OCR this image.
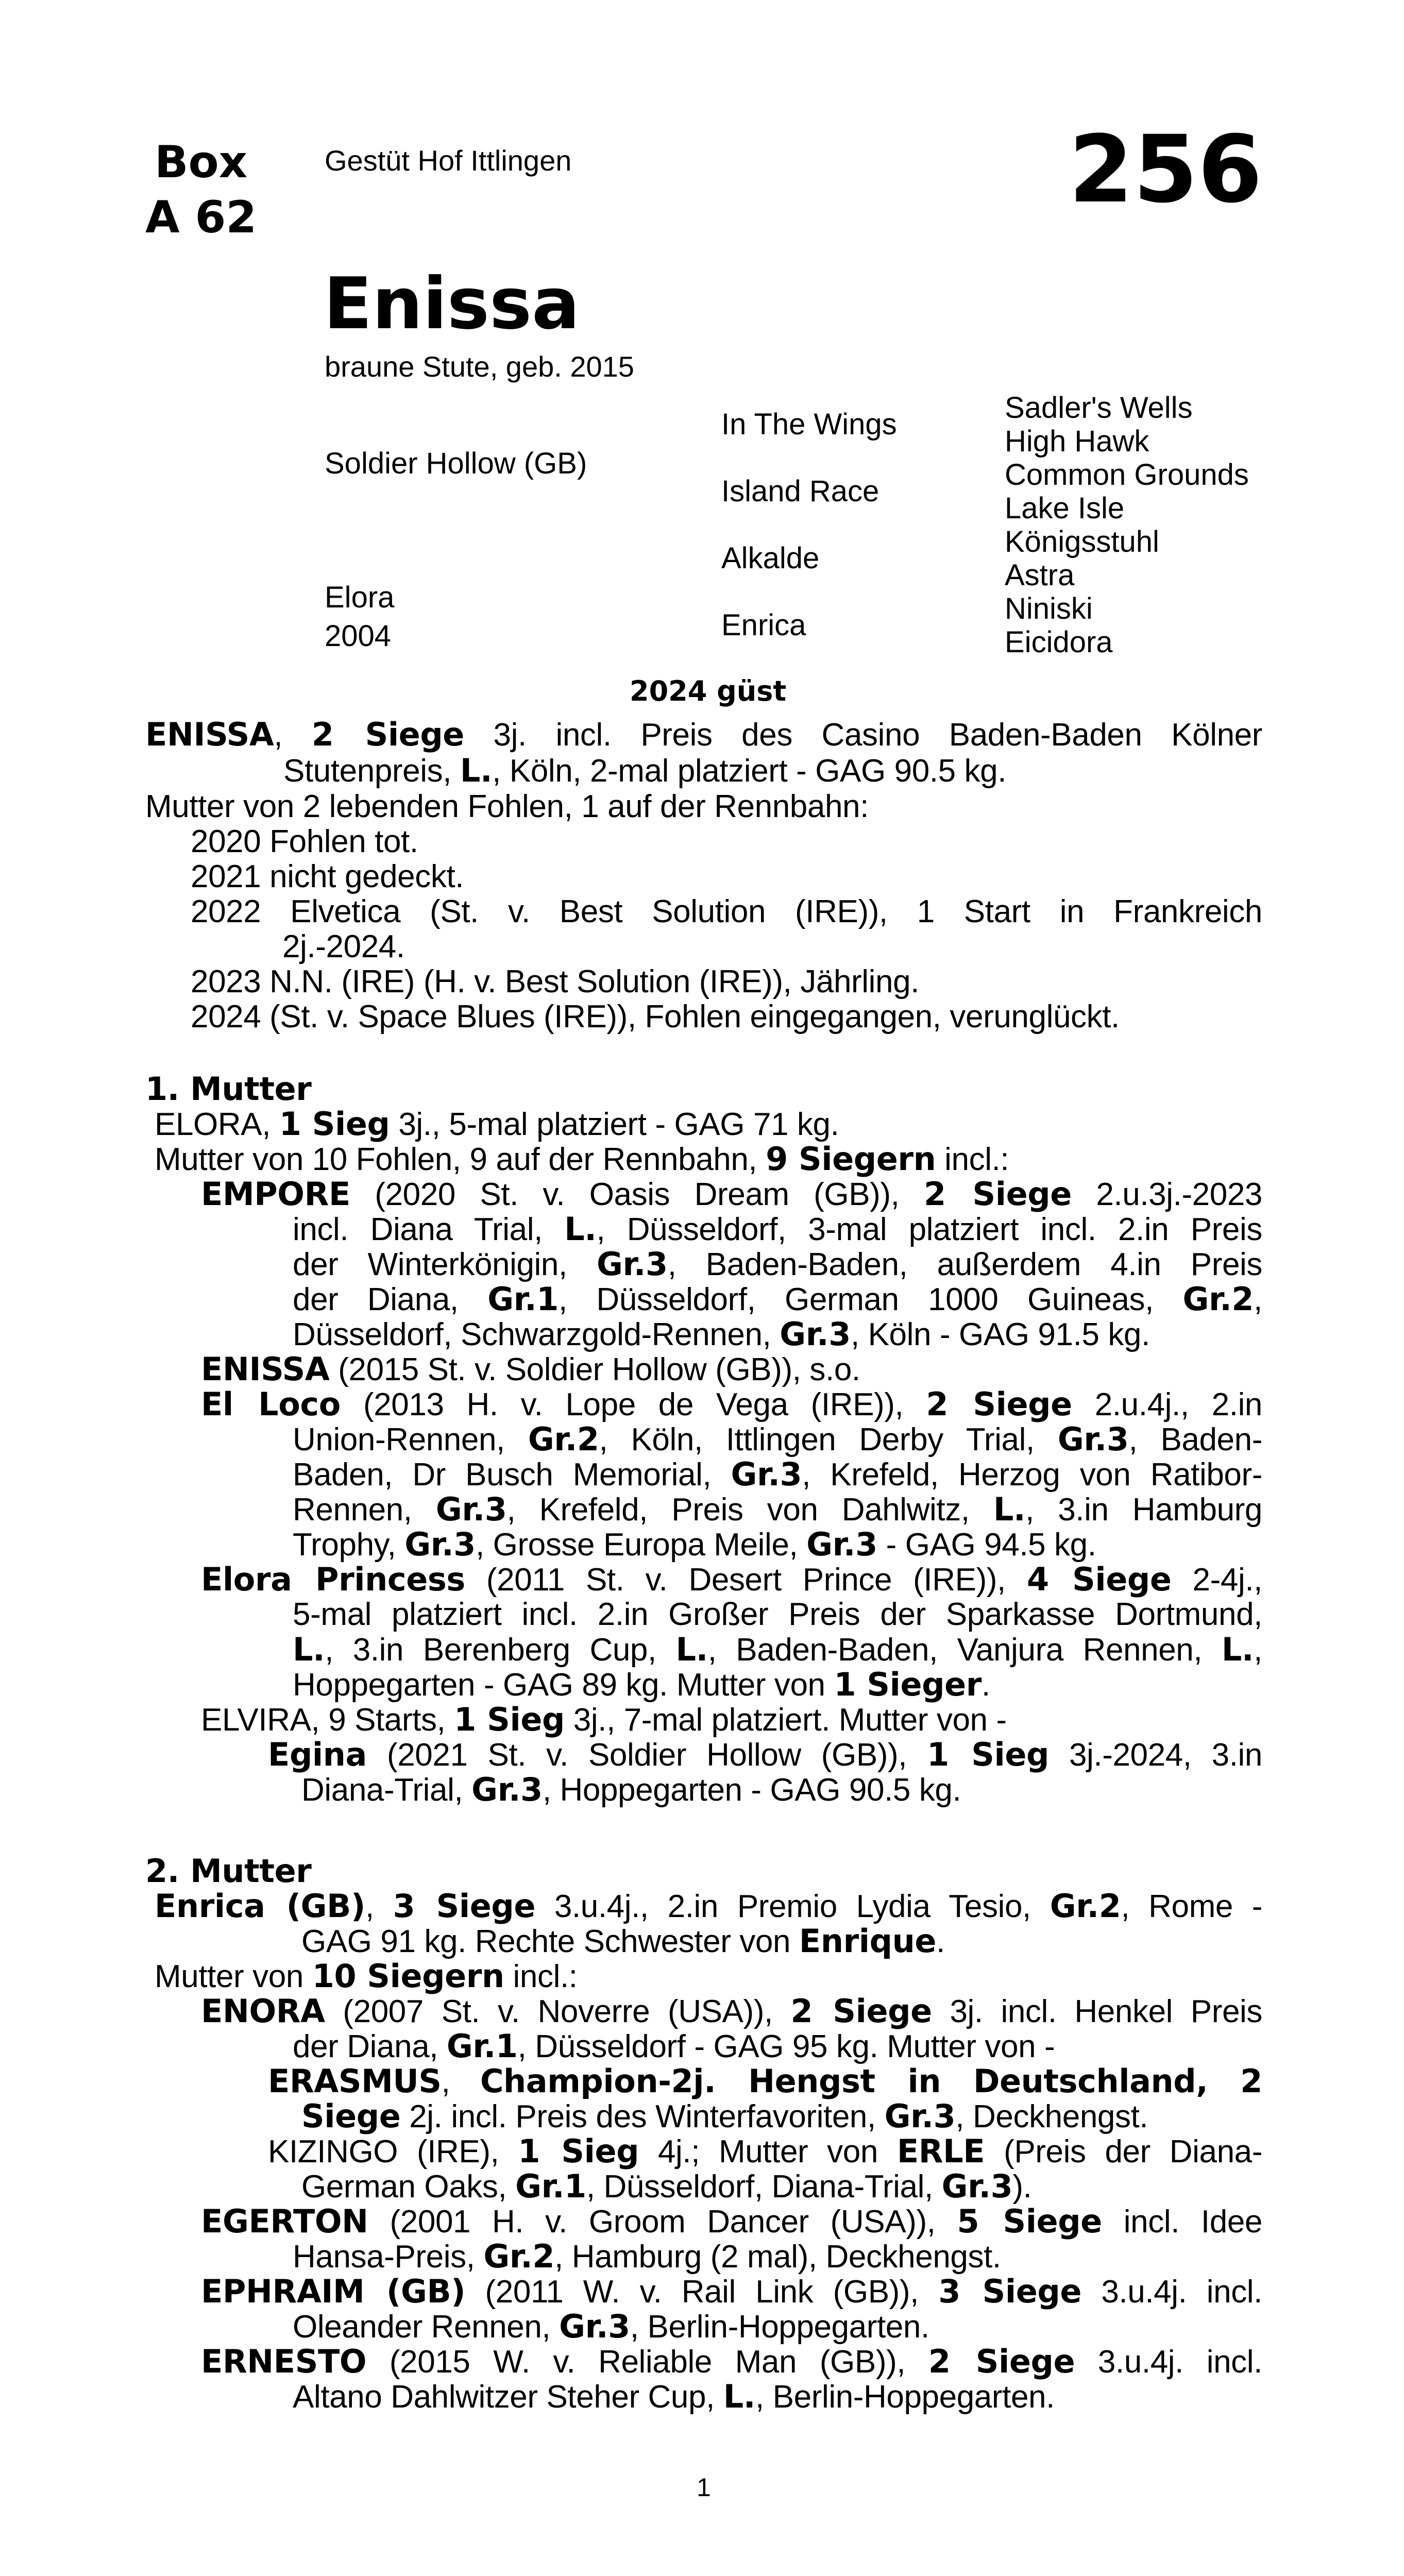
Box
A 62
Gestüt Hof Ittlingen	256
Enissa
braune Stute, geb. 2015
Soldier Hollow (GB)
Elora
2004
In The Wings
Island Race
Alkalde
Enrica
Sadler's Wells
High Hawk
Common Grounds
Lake Isle
Königsstuhl
Astra
Niniski
Eicidora
2024 güst
ENISSA, 2 Siege 3j. incl. Preis des Casino Baden-Baden Kölner
Stutenpreis, L., Köln, 2-mal platziert - GAG 90.5 kg.
Mutter von 2 lebenden Fohlen, 1 auf der Rennbahn:
2020 Fohlen tot.
2021 nicht gedeckt.
2022 Elvetica (St. v. Best Solution (IRE)), 1 Start in Frankreich
2j.-2024.
2023 N.N. (IRE) (H. v. Best Solution (IRE)), Jährling.
2024 (St. v. Space Blues (IRE)), Fohlen eingegangen, verunglückt.
1. Mutter
ELORA, 1 Sieg 3j., 5-mal platziert - GAG 71 kg.
Mutter von 10 Fohlen, 9 auf der Rennbahn, 9 Siegern incl.:
EMPORE (2020 St. v. Oasis Dream (GB)), 2 Siege 2.u.3j.-2023
incl. Diana Trial, L., Düsseldorf, 3-mal platziert incl. 2.in Preis
der Winterkönigin, Gr.3, Baden-Baden, außerdem 4.in Preis
der Diana, Gr.1, Düsseldorf, German 1000 Guineas, Gr.2,
Düsseldorf, Schwarzgold-Rennen, Gr.3, Köln - GAG 91.5 kg.
ENISSA (2015 St. v. Soldier Hollow (GB)), s.o.
El Loco (2013 H. v. Lope de Vega (IRE)), 2 Siege 2.u.4j., 2.in
Union-Rennen, Gr.2, Köln, Ittlingen Derby Trial, Gr.3, Baden-
Baden, Dr Busch Memorial, Gr.3, Krefeld, Herzog von Ratibor-
Rennen, Gr.3, Krefeld, Preis von Dahlwitz, L., 3.in Hamburg
Trophy, Gr.3, Grosse Europa Meile, Gr.3 - GAG 94.5 kg.
Elora Princess (2011 St. v. Desert Prince (IRE)), 4 Siege 2-4j.,
5-mal platziert incl. 2.in Großer Preis der Sparkasse Dortmund,
L., 3.in Berenberg Cup, L., Baden-Baden, Vanjura Rennen, L.,
Hoppegarten - GAG 89 kg. Mutter von 1 Sieger.
ELVIRA, 9 Starts, 1 Sieg 3j., 7-mal platziert. Mutter von -
Egina (2021 St. v. Soldier Hollow (GB)), 1 Sieg 3j.-2024, 3.in
Diana-Trial, Gr.3, Hoppegarten - GAG 90.5 kg.
2. Mutter
Enrica (GB), 3 Siege 3.u.4j., 2.in Premio Lydia Tesio, Gr.2, Rome -
GAG 91 kg. Rechte Schwester von Enrique.
Mutter von 10 Siegern incl.:
ENORA (2007 St. v. Noverre (USA)), 2 Siege 3j. incl. Henkel Preis
der Diana, Gr.1, Düsseldorf - GAG 95 kg. Mutter von -
ERASMUS, Champion-2j. Hengst in Deutschland, 2
Siege 2j. incl. Preis des Winterfavoriten, Gr.3, Deckhengst.
KIZINGO (IRE), 1 Sieg 4j.; Mutter von ERLE (Preis der Diana-
German Oaks, Gr.1, Düsseldorf, Diana-Trial, Gr.3).
EGERTON (2001 H. v. Groom Dancer (USA)), 5 Siege incl. Idee
Hansa-Preis, Gr.2, Hamburg (2 mal), Deckhengst.
EPHRAIM (GB) (2011 W. v. Rail Link (GB)), 3 Siege 3.u.4j. incl.
Oleander Rennen, Gr.3, Berlin-Hoppegarten.
ERNESTO (2015 W. v. Reliable Man (GB)), 2 Siege 3.u.4j. incl.
Altano Dahlwitzer Steher Cup, L., Berlin-Hoppegarten.
1
